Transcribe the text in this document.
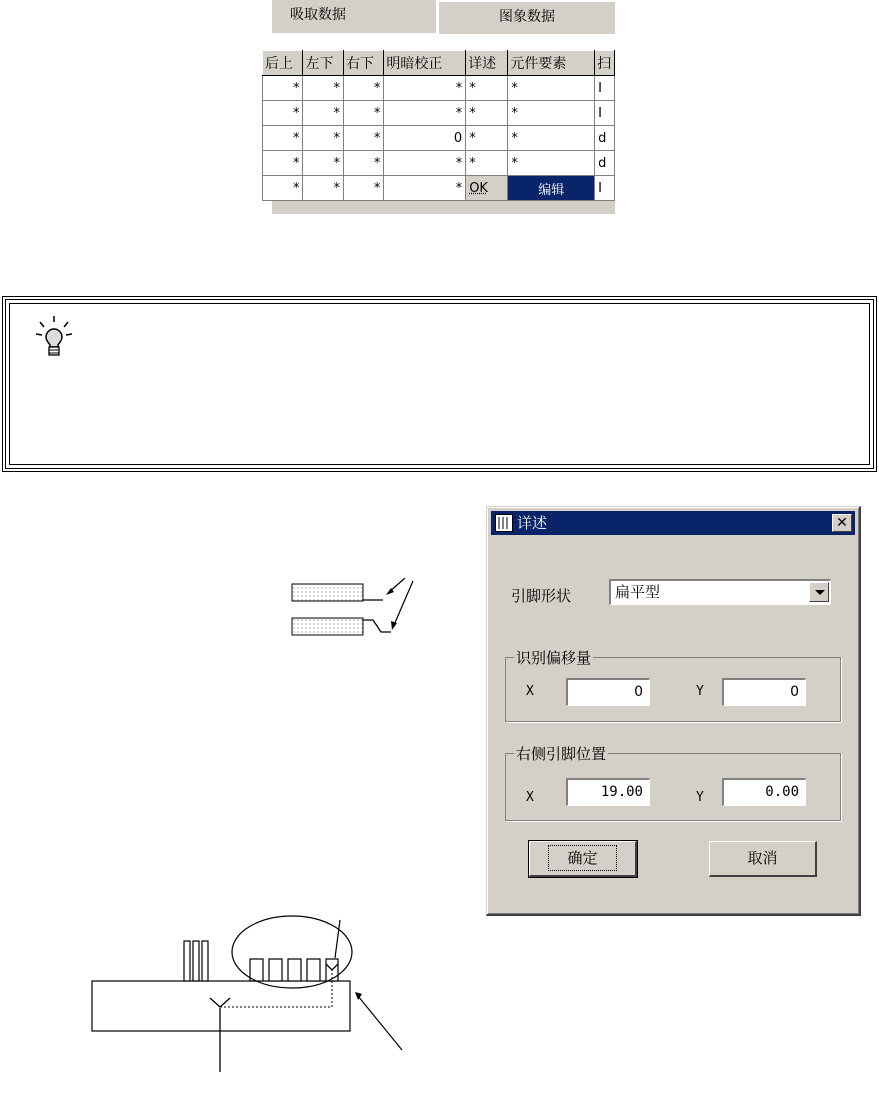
吸取数据	图象数据
后上	左下	右下	明暗校正	详述	元件要素	扫
*	*	*	*	*	*	I
*	*	*	*	*	*	I
*	*	*	0	*	*	d
*	*	*	*	*	*	d
*	*	*	*	OK	编辑	I
详述	✕
引脚形状	扁平型
识别偏移量
X	0	Y	0
右侧引脚位置
X	19.00	Y	0.00
确定	取消
